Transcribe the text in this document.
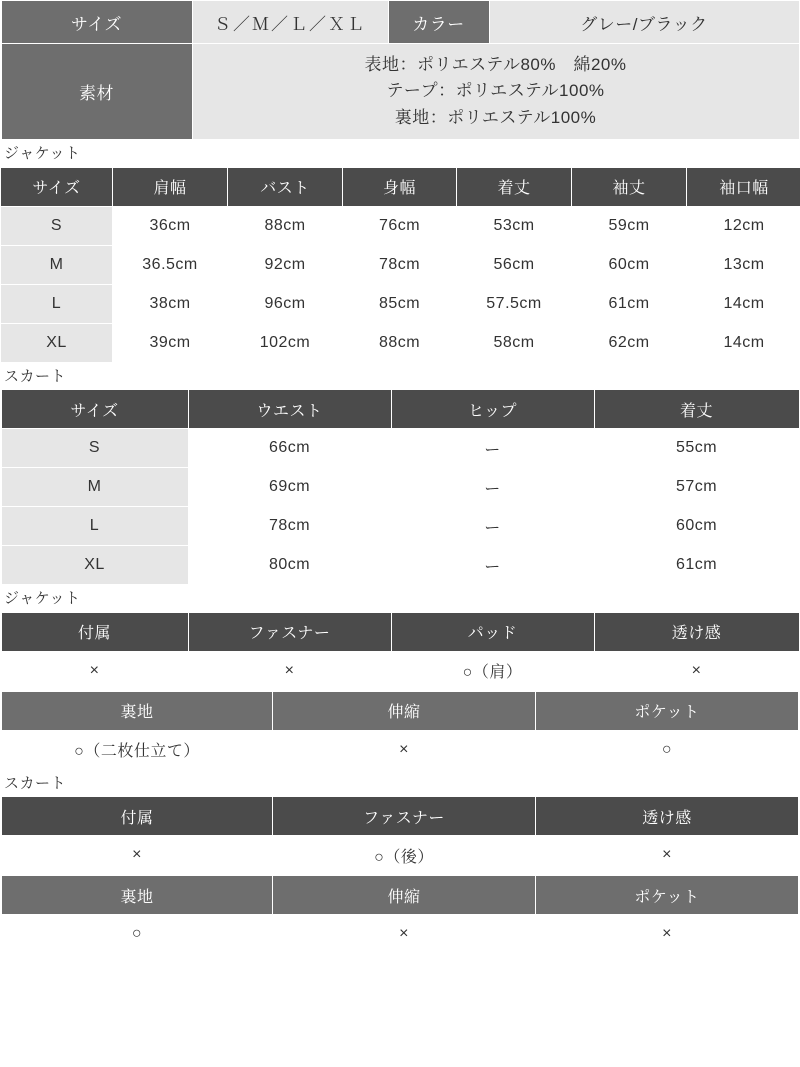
サイズ	Ｓ／Ｍ／Ｌ／ＸＬ	カラー	グレー/ブラック
素材	表地：ポリエステル80%　綿20%
テープ：ポリエステル100%
裏地：ポリエステル100%		
ジャケット
サイズ	肩幅	バスト	身幅	着丈	袖丈	袖口幅
S	36cm	88cm	76cm	53cm	59cm	12cm
M	36.5cm	92cm	78cm	56cm	60cm	13cm
L	38cm	96cm	85cm	57.5cm	61cm	14cm
XL	39cm	102cm	88cm	58cm	62cm	14cm
スカート
サイズ	ウエスト	ヒップ	着丈
S	66cm	ー	55cm
M	69cm	ー	57cm
L	78cm	ー	60cm
XL	80cm	ー	61cm
ジャケット
付属	ファスナー	パッド	透け感
×	×	○（肩）	×
裏地	伸縮	ポケット
○（二枚仕立て）	×	○
スカート
付属	ファスナー	透け感
×	○（後）	×
裏地	伸縮	ポケット
○	×	×
